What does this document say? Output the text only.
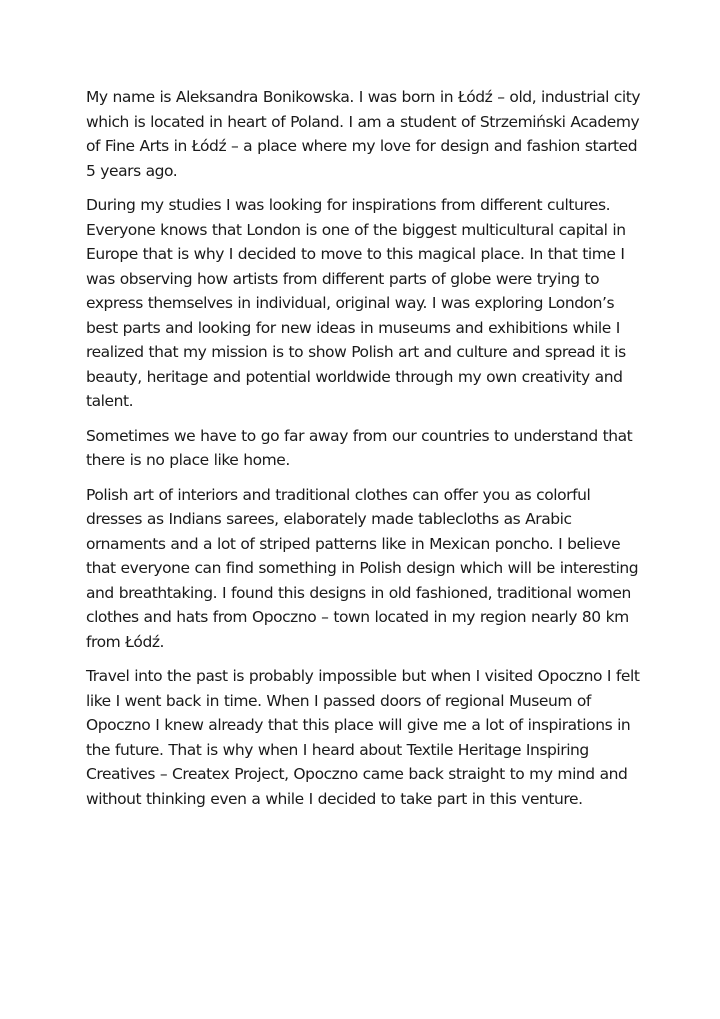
My name is Aleksandra Bonikowska. I was born in Łódź – old, industrial city which is located in heart of Poland. I am a student of Strzemiński Academy of Fine Arts in Łódź – a place where my love for design and fashion started 5 years ago.

During my studies I was looking for inspirations from different cultures. Everyone knows that London is one of the biggest multicultural capital in Europe that is why I decided to move to this magical place. In that time I was observing how artists from different parts of globe were trying to express themselves in individual, original way. I was exploring London’s best parts and looking for new ideas in museums and exhibitions while I realized that my mission is to show Polish art and culture and spread it is beauty, heritage and potential worldwide through my own creativity and talent.

Sometimes we have to go far away from our countries to understand that there is no place like home.

Polish art of interiors and traditional clothes can offer you as colorful dresses as Indians sarees, elaborately made tablecloths as Arabic ornaments and a lot of striped patterns like in Mexican poncho. I believe that everyone can find something in Polish design which will be interesting and breathtaking. I found this designs in old fashioned, traditional women clothes and hats from Opoczno – town located in my region nearly 80 km from Łódź.

Travel into the past is probably impossible but when I visited Opoczno I felt like I went back in time. When I passed doors of regional Museum of Opoczno I knew already that this place will give me a lot of inspirations in the future. That is why when I heard about Textile Heritage Inspiring Creatives – Createx Project, Opoczno came back straight to my mind and without thinking even a while I decided to take part in this venture.
